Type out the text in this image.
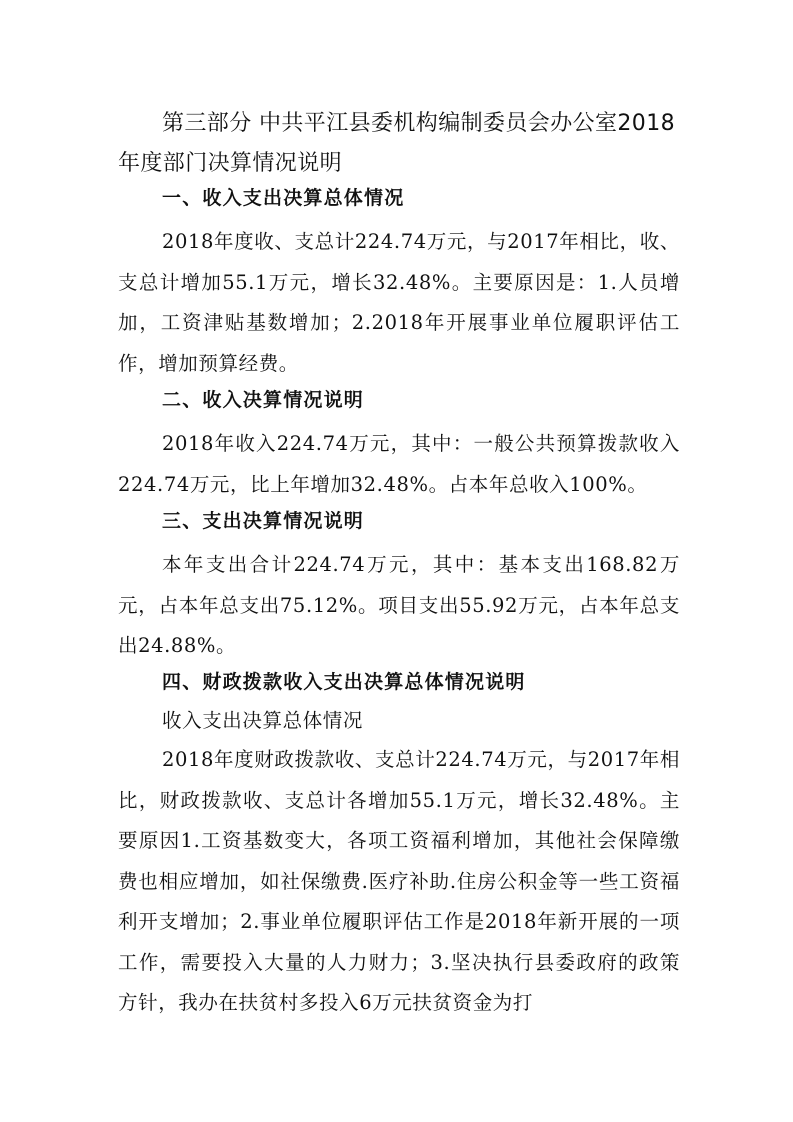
第三部分 中共平江县委机构编制委员会办公室2018年度部门决算情况说明
一、收入支出决算总体情况
2018年度收、支总计224.74万元，与2017年相比，收、支总计增加55.1万元，增长32.48%。主要原因是：1.人员增加，工资津贴基数增加；2.2018年开展事业单位履职评估工作，增加预算经费。
二、收入决算情况说明
2018年收入224.74万元，其中：一般公共预算拨款收入224.74万元，比上年增加32.48%。占本年总收入100%。
三、支出决算情况说明
本年支出合计224.74万元，其中：基本支出168.82万元，占本年总支出75.12%。项目支出55.92万元，占本年总支出24.88%。
四、财政拨款收入支出决算总体情况说明
收入支出决算总体情况
2018年度财政拨款收、支总计224.74万元，与2017年相比，财政拨款收、支总计各增加55.1万元，增长32.48%。主要原因1.工资基数变大，各项工资福利增加，其他社会保障缴费也相应增加，如社保缴费.医疗补助.住房公积金等一些工资福利开支增加；2.事业单位履职评估工作是2018年新开展的一项工作，需要投入大量的人力财力；3.坚决执行县委政府的政策方针，我办在扶贫村多投入6万元扶贫资金为打
